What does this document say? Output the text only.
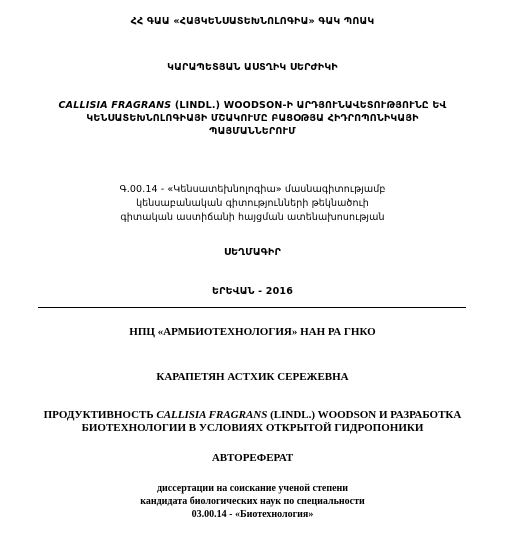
ՀՀ ԳԱԱ «ՀԱՅԿԵՆՍԱՏԵԽՆՈԼՈԳԻԱ» ԳԱԿ ՊՈԱԿ
ԿԱՐԱՊԵՏՅԱՆ ԱՍՏՂԻԿ ՍԵՐԺԻԿԻ
CALLISIA FRAGRANS (LINDL.) WOODSON-Ի ԱՐԴՅՈՒՆԱՎԵՏՈՒԹՅՈՒՆԸ ԵՎ
ԿԵՆՍԱՏԵԽՆՈԼՈԳԻԱՅԻ ՄՇԱԿՈՒՄԸ ԲԱՑՕԹՅԱ ՀԻԴՐՈՊՈՆԻԿԱՅԻ
ՊԱՅՄԱՆՆԵՐՈՒՄ
Գ.00.14 - «Կենսատեխնոլոգիա» մասնագիտությամբ
կենսաբանական գիտությունների թեկնածուի
գիտական աստիճանի հայցման ատենախոսության
ՍԵՂՄԱԳԻՐ
ԵՐԵՎԱՆ - 2016
НПЦ «АРМБИОТЕХНОЛОГИЯ» НАН РА ГНКО
КАРАПЕТЯН АСТХИК СЕРЕЖЕВНА
ПРОДУКТИВНОСТЬ CALLISIA FRAGRANS (LINDL.) WOODSON И РАЗРАБОТКА
БИОТЕХНОЛОГИИ В УСЛОВИЯХ ОТКРЫТОЙ ГИДРОПОНИКИ
АВТОРЕФЕРАТ
диссертации на соискание ученой степени
кандидата биологических наук по специальности
03.00.14 - «Биотехнология»
